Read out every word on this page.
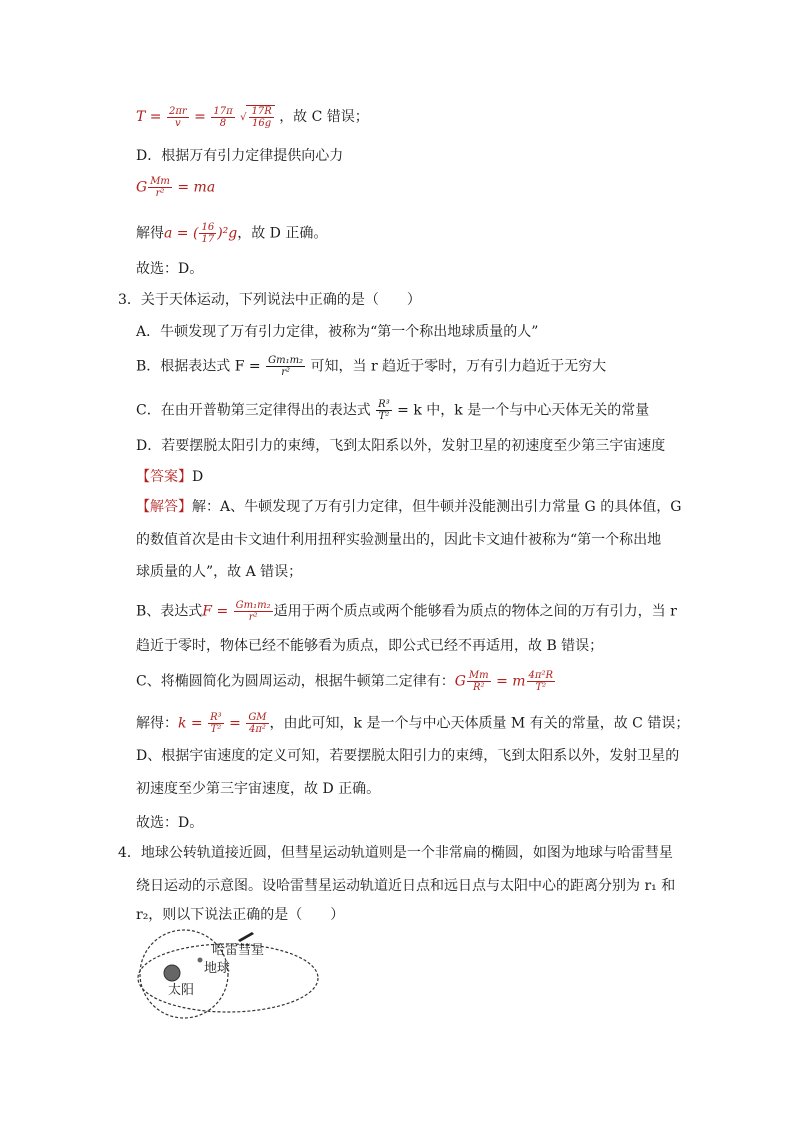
$T = \frac{2\pi r}{v} = \frac{17\pi}{8}$ √ $\frac{17R}{16g}$ ，故 C 错误；
D．根据万有引力定律提供向心力
G $\frac{Mm}{\text{r²}}$ = ma
解得a = ( $\frac{16}{17} )^2g$，故 D 正确。
故选：D。
3．关于天体运动，下列说法中正确的是（　　）
A．牛顿发现了万有引力定律，被称为“第一个称出地球质量的人”
B．根据表达式 $F = \frac{\text{Gm₁m₂}}{\text{r²}}$ 可知，当 r 趋近于零时，万有引力趋近于无穷大
C．在由开普勒第三定律得出的表达式 $\frac{\text{R³}}{\text{T²}} = k$ 中，k 是一个与中心天体无关的常量
D．若要摆脱太阳引力的束缚，飞到太阳系以外，发射卫星的初速度至少第三宇宙速度
【答案】D
【解答】解：A、牛顿发现了万有引力定律，但牛顿并没能测出引力常量 G 的具体值，G
的数值首次是由卡文迪什利用扭秤实验测量出的，因此卡文迪什被称为“第一个称出地
球质量的人”，故 A 错误；
B、表达式$F = \frac{\text{Gm₁m₂}}{\text{r²}}$ 适用于两个质点或两个能够看为质点的物体之间的万有引力，当 r
趋近于零时，物体已经不能够看为质点，即公式已经不再适用，故 B 错误；
C、将椭圆简化为圆周运动，根据牛顿第二定律有：G $\frac{Mm}{\text{R²}} = m \frac{\text{4π²R}}{\text{T²}}$
解得：$k = \frac{\text{R³}}{\text{T²}} = \frac{GM}{\text{4π²}}$ ，由此可知，k 是一个与中心天体质量 M 有关的常量，故 C 错误；
D、根据宇宙速度的定义可知，若要摆脱太阳引力的束缚，飞到太阳系以外，发射卫星的
初速度至少第三宇宙速度，故 D 正确。
故选：D。
4．地球公转轨道接近圆，但彗星运动轨道则是一个非常扁的椭圆，如图为地球与哈雷彗星
绕日运动的示意图。设哈雷彗星运动轨道近日点和远日点与太阳中心的距离分别为 r₁ 和
r₂，则以下说法正确的是（　　）
哈雷彗星
地球
太阳
